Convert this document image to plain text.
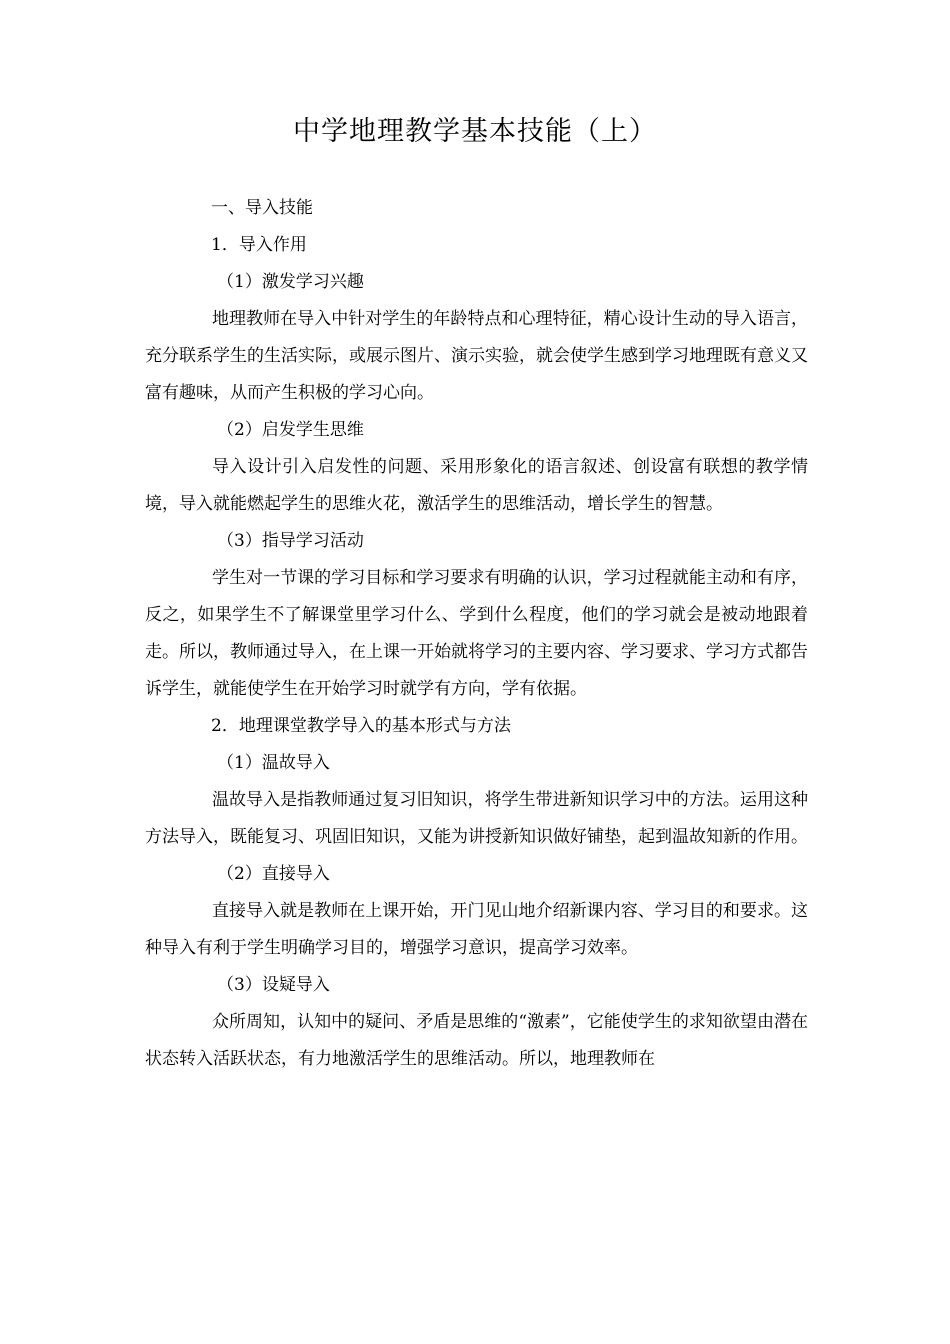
中学地理教学基本技能（上）

一、导入技能

1．导入作用

（1）激发学习兴趣

地理教师在导入中针对学生的年龄特点和心理特征，精心设计生动的导入语言，充分联系学生的生活实际，或展示图片、演示实验，就会使学生感到学习地理既有意义又富有趣味，从而产生积极的学习心向。

（2）启发学生思维

导入设计引入启发性的问题、采用形象化的语言叙述、创设富有联想的教学情境，导入就能燃起学生的思维火花，激活学生的思维活动，增长学生的智慧。

（3）指导学习活动

学生对一节课的学习目标和学习要求有明确的认识，学习过程就能主动和有序，反之，如果学生不了解课堂里学习什么、学到什么程度，他们的学习就会是被动地跟着走。所以，教师通过导入，在上课一开始就将学习的主要内容、学习要求、学习方式都告诉学生，就能使学生在开始学习时就学有方向，学有依据。

2．地理课堂教学导入的基本形式与方法

（1）温故导入

温故导入是指教师通过复习旧知识，将学生带进新知识学习中的方法。运用这种方法导入，既能复习、巩固旧知识，又能为讲授新知识做好铺垫，起到温故知新的作用。

（2）直接导入

直接导入就是教师在上课开始，开门见山地介绍新课内容、学习目的和要求。这种导入有利于学生明确学习目的，增强学习意识，提高学习效率。

（3）设疑导入

众所周知，认知中的疑问、矛盾是思维的“激素”，它能使学生的求知欲望由潜在状态转入活跃状态，有力地激活学生的思维活动。所以，地理教师在
